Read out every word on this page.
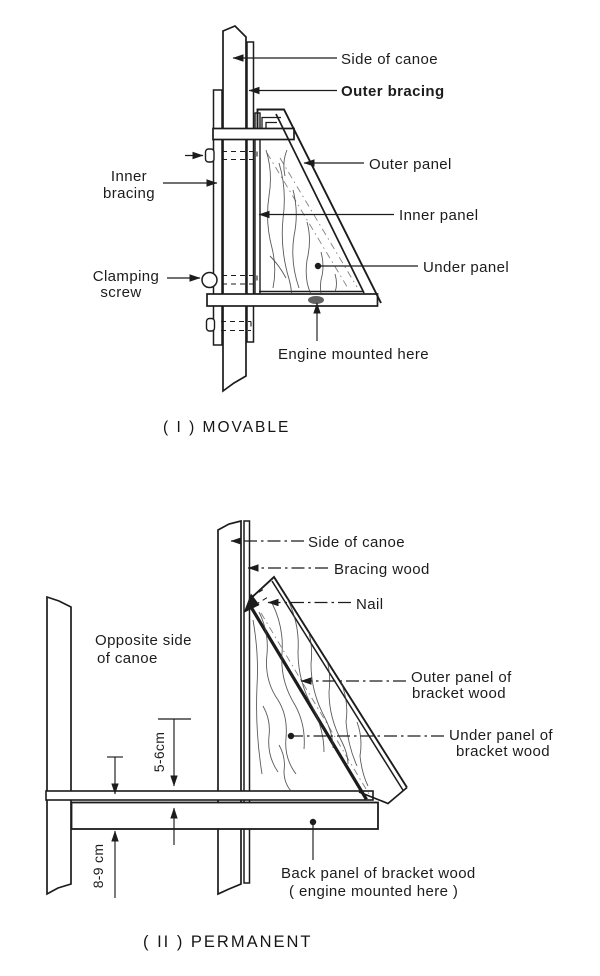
Side of canoe
Outer bracing
Outer panel
Inner panel
Under panel
Engine mounted here
Inner
bracing
Clamping
screw
( I ) MOVABLE
5-6cm
8-9 cm
Side of canoe
Bracing wood
Nail
Opposite side
of canoe
Outer panel of
bracket wood
Under panel of
bracket wood
Back panel of bracket wood
( engine mounted here )
( II ) PERMANENT
